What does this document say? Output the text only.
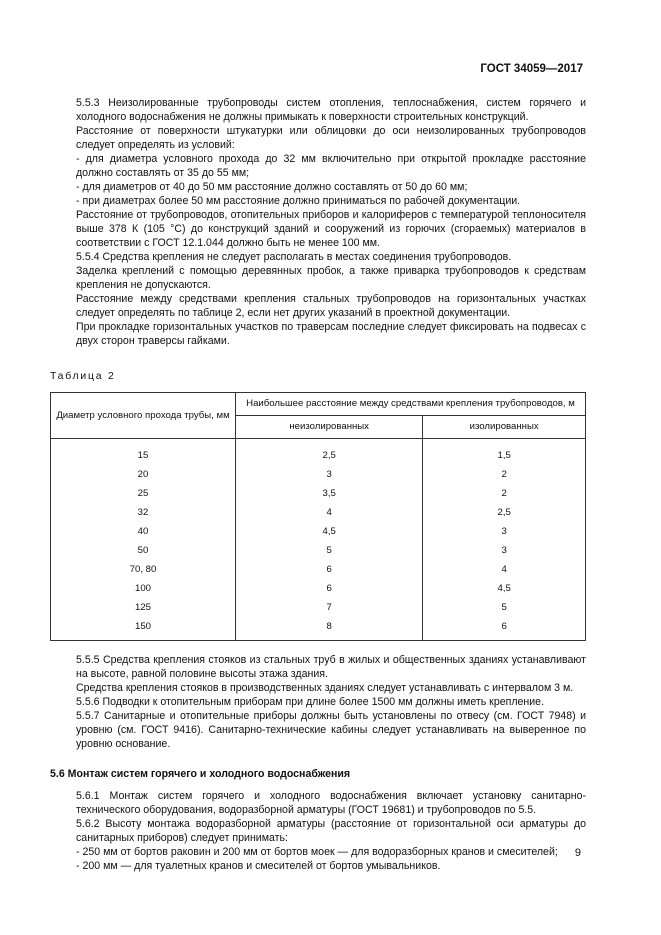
ГОСТ 34059—2017

5.5.3 Неизолированные трубопроводы систем отопления, теплоснабжения, систем горячего и холодного водоснабжения не должны примыкать к поверхности строительных конструкций.

Расстояние от поверхности штукатурки или облицовки до оси неизолированных трубопроводов следует определять из условий:

- для диаметра условного прохода до 32 мм включительно при открытой прокладке расстояние должно составлять от 35 до 55 мм;

- для диаметров от 40 до 50 мм расстояние должно составлять от 50 до 60 мм;

- при диаметрах более 50 мм расстояние должно приниматься по рабочей документации.

Расстояние от трубопроводов, отопительных приборов и калориферов с температурой теплоносителя выше 378 К (105 °С) до конструкций зданий и сооружений из горючих (сгораемых) материалов в соответствии с ГОСТ 12.1.044 должно быть не менее 100 мм.

5.5.4 Средства крепления не следует располагать в местах соединения трубопроводов.

Заделка креплений с помощью деревянных пробок, а также приварка трубопроводов к средствам крепления не допускаются.

Расстояние между средствами крепления стальных трубопроводов на горизонтальных участках следует определять по таблице 2, если нет других указаний в проектной документации.

При прокладке горизонтальных участков по траверсам последние следует фиксировать на подвесах с двух сторон траверсы гайками.

Таблица 2
Диаметр условного прохода трубы, мм	Наибольшее расстояние между средствами крепления трубопроводов, м	
	неизолированных	изолированных
15	2,5	1,5
20	3	2
25	3,5	2
32	4	2,5
40	4,5	3
50	5	3
70, 80	6	4
100	6	4,5
125	7	5
150	8	6

5.5.5 Средства крепления стояков из стальных труб в жилых и общественных зданиях устанавливают на высоте, равной половине высоты этажа здания.

Средства крепления стояков в производственных зданиях следует устанавливать с интервалом 3 м.

5.5.6 Подводки к отопительным приборам при длине более 1500 мм должны иметь крепление.

5.5.7 Санитарные и отопительные приборы должны быть установлены по отвесу (см. ГОСТ 7948) и уровню (см. ГОСТ 9416). Санитарно-технические кабины следует устанавливать на выверенное по уровню основание.

5.6 Монтаж систем горячего и холодного водоснабжения

5.6.1 Монтаж систем горячего и холодного водоснабжения включает установку санитарно-технического оборудования, водоразборной арматуры (ГОСТ 19681) и трубопроводов по 5.5.

5.6.2 Высоту монтажа водоразборной арматуры (расстояние от горизонтальной оси арматуры до санитарных приборов) следует принимать:

- 250 мм от бортов раковин и 200 мм от бортов моек — для водоразборных кранов и смесителей;

- 200 мм — для туалетных кранов и смесителей от бортов умывальников.

9
